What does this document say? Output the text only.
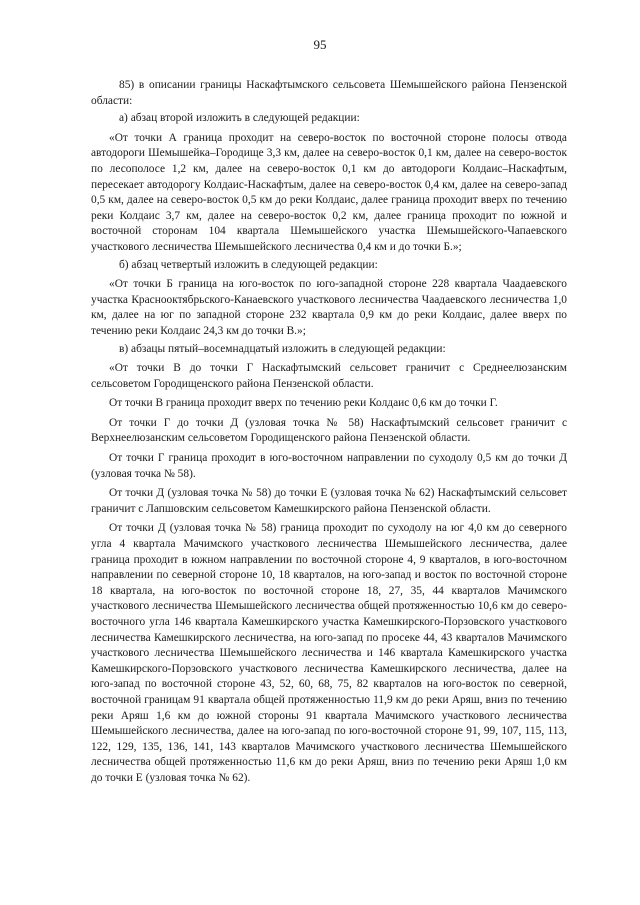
95

85) в описании границы Наскафтымского сельсовета Шемышейского района Пензенской области:

а) абзац второй изложить в следующей редакции:

«От точки А граница проходит на северо-восток по восточной стороне полосы отвода автодороги Шемышейка–Городище 3,3 км, далее на северо-восток 0,1 км, далее на северо-восток по лесополосе 1,2 км, далее на северо-восток 0,1 км до автодороги Колдаис–Наскафтым, пересекает автодорогу Колдаис-Наскафтым, далее на северо-восток 0,4 км, далее на северо-запад 0,5 км, далее на северо-восток 0,5 км до реки Колдаис, далее граница проходит вверх по течению реки Колдаис 3,7 км, далее на северо-восток 0,2 км, далее граница проходит по южной и восточной сторонам 104 квартала Шемышейского участка Шемышейского-Чапаевского участкового лесничества Шемышейского лесничества 0,4 км и до точки Б.»;

б) абзац четвертый изложить в следующей редакции:

«От точки Б граница на юго-восток по юго-западной стороне 228 квартала Чаадаевского участка Краснооктябрьского-Канаевского участкового лесничества Чаадаевского лесничества 1,0 км, далее на юг по западной стороне 232 квартала 0,9 км до реки Колдаис, далее вверх по течению реки Колдаис 24,3 км до точки В.»;

в) абзацы пятый–восемнадцатый изложить в следующей редакции:

«От точки В до точки Г Наскафтымский сельсовет граничит с Среднеелюзанским сельсоветом Городищенского района Пензенской области.

От точки В граница проходит вверх по течению реки Колдаис 0,6 км до точки Г.

От точки Г до точки Д (узловая точка № 58) Наскафтымский сельсовет граничит с Верхнеелюзанским сельсоветом Городищенского района Пензенской области.

От точки Г граница проходит в юго-восточном направлении по суходолу 0,5 км до точки Д (узловая точка № 58).

От точки Д (узловая точка № 58) до точки Е (узловая точка № 62) Наскафтымский сельсовет граничит с Лапшовским сельсоветом Камешкирского района Пензенской области.

От точки Д (узловая точка № 58) граница проходит по суходолу на юг 4,0 км до северного угла 4 квартала Мачимского участкового лесничества Шемышейского лесничества, далее граница проходит в южном направлении по восточной стороне 4, 9 кварталов, в юго-восточном направлении по северной стороне 10, 18 кварталов, на юго-запад и восток по восточной стороне 18 квартала, на юго-восток по восточной стороне 18, 27, 35, 44 кварталов Мачимского участкового лесничества Шемышейского лесничества общей протяженностью 10,6 км до северо-восточного угла 146 квартала Камешкирского участка Камешкирского-Порзовского участкового лесничества Камешкирского лесничества, на юго-запад по просеке 44, 43 кварталов Мачимского участкового лесничества Шемышейского лесничества и 146 квартала Камешкирского участка Камешкирского-Порзовского участкового лесничества Камешкирского лесничества, далее на юго-запад по восточной стороне 43, 52, 60, 68, 75, 82 кварталов на юго-восток по северной, восточной границам 91 квартала общей протяженностью 11,9 км до реки Аряш, вниз по течению реки Аряш 1,6 км до южной стороны 91 квартала Мачимского участкового лесничества Шемышейского лесничества, далее на юго-запад по юго-восточной стороне 91, 99, 107, 115, 113, 122, 129, 135, 136, 141, 143 кварталов Мачимского участкового лесничества Шемышейского лесничества общей протяженностью 11,6 км до реки Аряш, вниз по течению реки Аряш 1,0 км до точки Е (узловая точка № 62).
